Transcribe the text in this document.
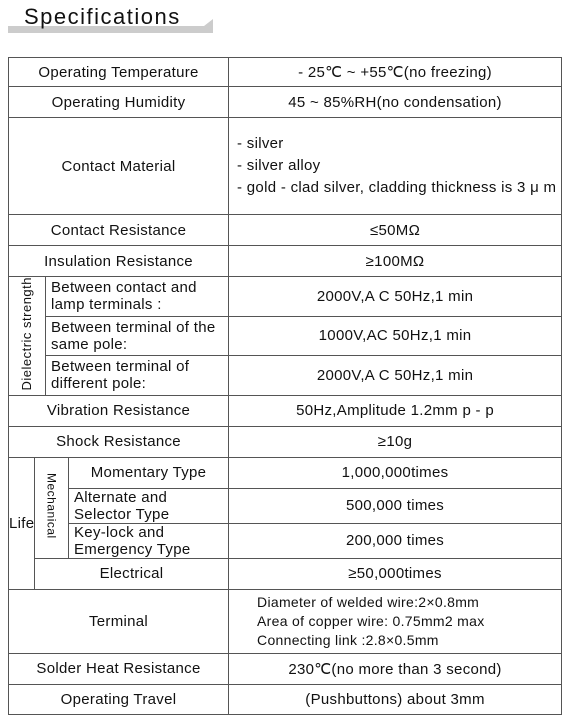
Specifications
Operating Temperature				- 25℃ ~ +55℃(no freezing)
Operating Humidity				45 ~ 85%RH(no condensation)
Contact Material				- silver
- silver alloy
- gold - clad silver, cladding thickness is 3 μ m

Contact Resistance				≤50MΩ
Insulation Resistance				≥100MΩ
Dielectric strength		Between contact and lamp terminals :		2000V,A C 50Hz,1 min
		Between terminal of the same pole:		1000V,AC 50Hz,1 min
		Between terminal of different pole:		2000V,A C 50Hz,1 min
Vibration Resistance				50Hz,Amplitude 1.2mm p - p
Shock Resistance				≥10g
Life	Mechanical		Momentary Type	1,000,000times
			Alternate and Selector Type	500,000 times
			Key-lock and Emergency Type	200,000 times
	Electrical			≥50,000times
Terminal				Diameter of welded wire:2×0.8mm
Area of copper wire: 0.75mm2 max
Connecting link :2.8×0.5mm

Solder Heat Resistance				230℃(no more than 3 second)
Operating Travel				(Pushbuttons) about 3mm
